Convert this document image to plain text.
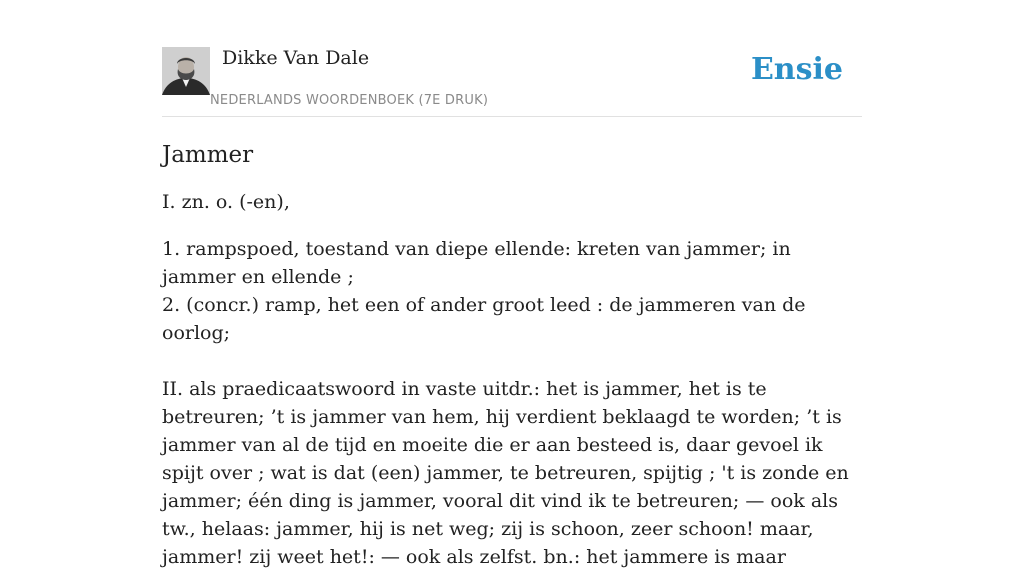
Dikke Van Dale
NEDERLANDS WOORDENBOEK (7E DRUK)
Ensie
Jammer

I. zn. o. (-en),

1. rampspoed, toestand van diepe ellende: kreten van jammer; in jammer en ellende ;
2. (concr.) ramp, het een of ander groot leed : de jammeren van de oorlog;

II. als praedicaatswoord in vaste uitdr.: het is jammer, het is te betreuren; ’t is jammer van hem, hij verdient beklaagd te worden; ’t is jammer van al de tijd en moeite die er aan besteed is, daar gevoel ik spijt over ; wat is dat (een) jammer, te betreuren, spijtig ; 't is zonde en jammer; één ding is jammer, vooral dit vind ik te betreuren; — ook als tw., helaas: jammer, hij is net weg; zij is schoon, zeer schoon! maar, jammer! zij weet het!: — ook als zelfst. bn.: het jammere is maar
